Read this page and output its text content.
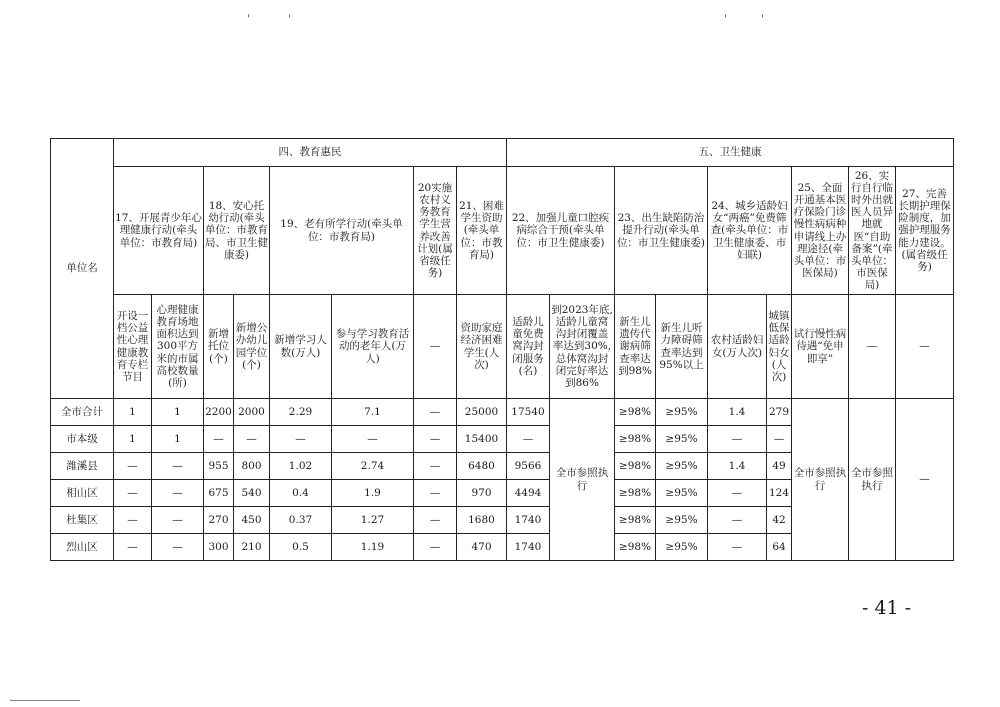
'	'	'	'
单位名	四、教育惠民								五、卫生健康								
	17、开展青少年心理健康行动(牵头单位：市教育局)		18、安心托幼行动(牵头单位：市教育局、市卫生健康委)		19、老有所学行动(牵头单位：市教育局)		20实施农村义务教育学生营养改善计划(属省级任务)	21、困难学生资助(牵头单位：市教育局)	22、加强儿童口腔疾病综合干预(牵头单位：市卫生健康委)		23、出生缺陷防治提升行动(牵头单位：市卫生健康委)		24、城乡适龄妇女“两癌”免费筛查(牵头单位：市卫生健康委、市妇联)		25、全面开通基本医疗保险门诊慢性病病种申请线上办理途径(牵头单位：市医保局)	26、实行自行临时外出就医人员异地就医“自助备案”(牵头单位：市医保局)	27、完善长期护理保险制度，加强护理服务能力建设。(属省级任务)
	开设一档公益性心理健康教育专栏节目	心理健康教育场地面积达到300平方米的市属高校数量(所)	新增托位(个)	新增公办幼儿园学位(个)	新增学习人数(万人)	参与学习教育活动的老年人(万人)	—	资助家庭经济困难学生(人次)	适龄儿童免费窝沟封闭服务(名)	到2023年底,适龄儿童窝沟封闭覆盖率达到30%,总体窝沟封闭完好率达到86%	新生儿遗传代谢病筛查率达到98%	新生儿听力障碍筛查率达到95%以上	农村适龄妇女(万人次)	城镇低保适龄妇女(人次)	试行慢性病待遇“免申即享”	—	—
全市合计	1	1	2200	2000	2.29	7.1	—	25000	17540	全市参照执行	≥98%	≥95%	1.4	279	全市参照执行	全市参照执行	—
市本级	1	1	—	—	—	—	—	15400	—		≥98%	≥95%	—	—			
潍溪县	—	—	955	800	1.02	2.74	—	6480	9566		≥98%	≥95%	1.4	49			
相山区	—	—	675	540	0.4	1.9	—	970	4494		≥98%	≥95%	—	124			
杜集区	—	—	270	450	0.37	1.27	—	1680	1740		≥98%	≥95%	—	42			
烈山区	—	—	300	210	0.5	1.19	—	470	1740		≥98%	≥95%	—	64			
- 41 -
